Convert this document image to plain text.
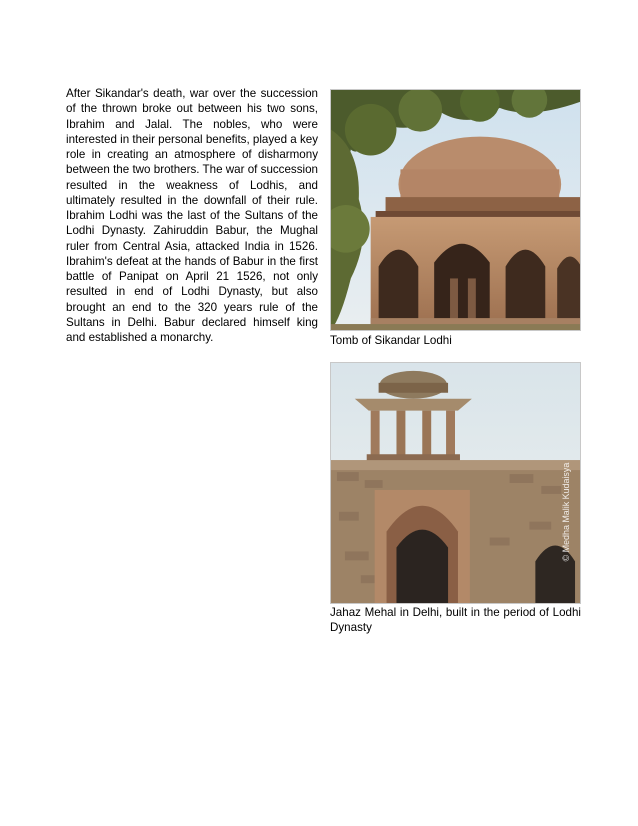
After Sikandar's death, war over the succession of the thrown broke out between his two sons, Ibrahim and Jalal. The nobles, who were interested in their personal benefits, played a key role in creating an atmosphere of disharmony between the two brothers. The war of succession resulted in the weakness of Lodhis, and ultimately resulted in the downfall of their rule. Ibrahim Lodhi was the last of the Sultans of the Lodhi Dynasty. Zahiruddin Babur, the Mughal ruler from Central Asia, attacked India in 1526. Ibrahim's defeat at the hands of Babur in the first battle of Panipat on April 21 1526, not only resulted in end of Lodhi Dynasty, but also brought an end to the 320 years rule of the Sultans in Delhi. Babur declared himself king and established a monarchy.	Tomb of Sikandar Lodhi

© Medha Malik Kudaisya

Jahaz Mehal in Delhi, built in the period of Lodhi Dynasty
